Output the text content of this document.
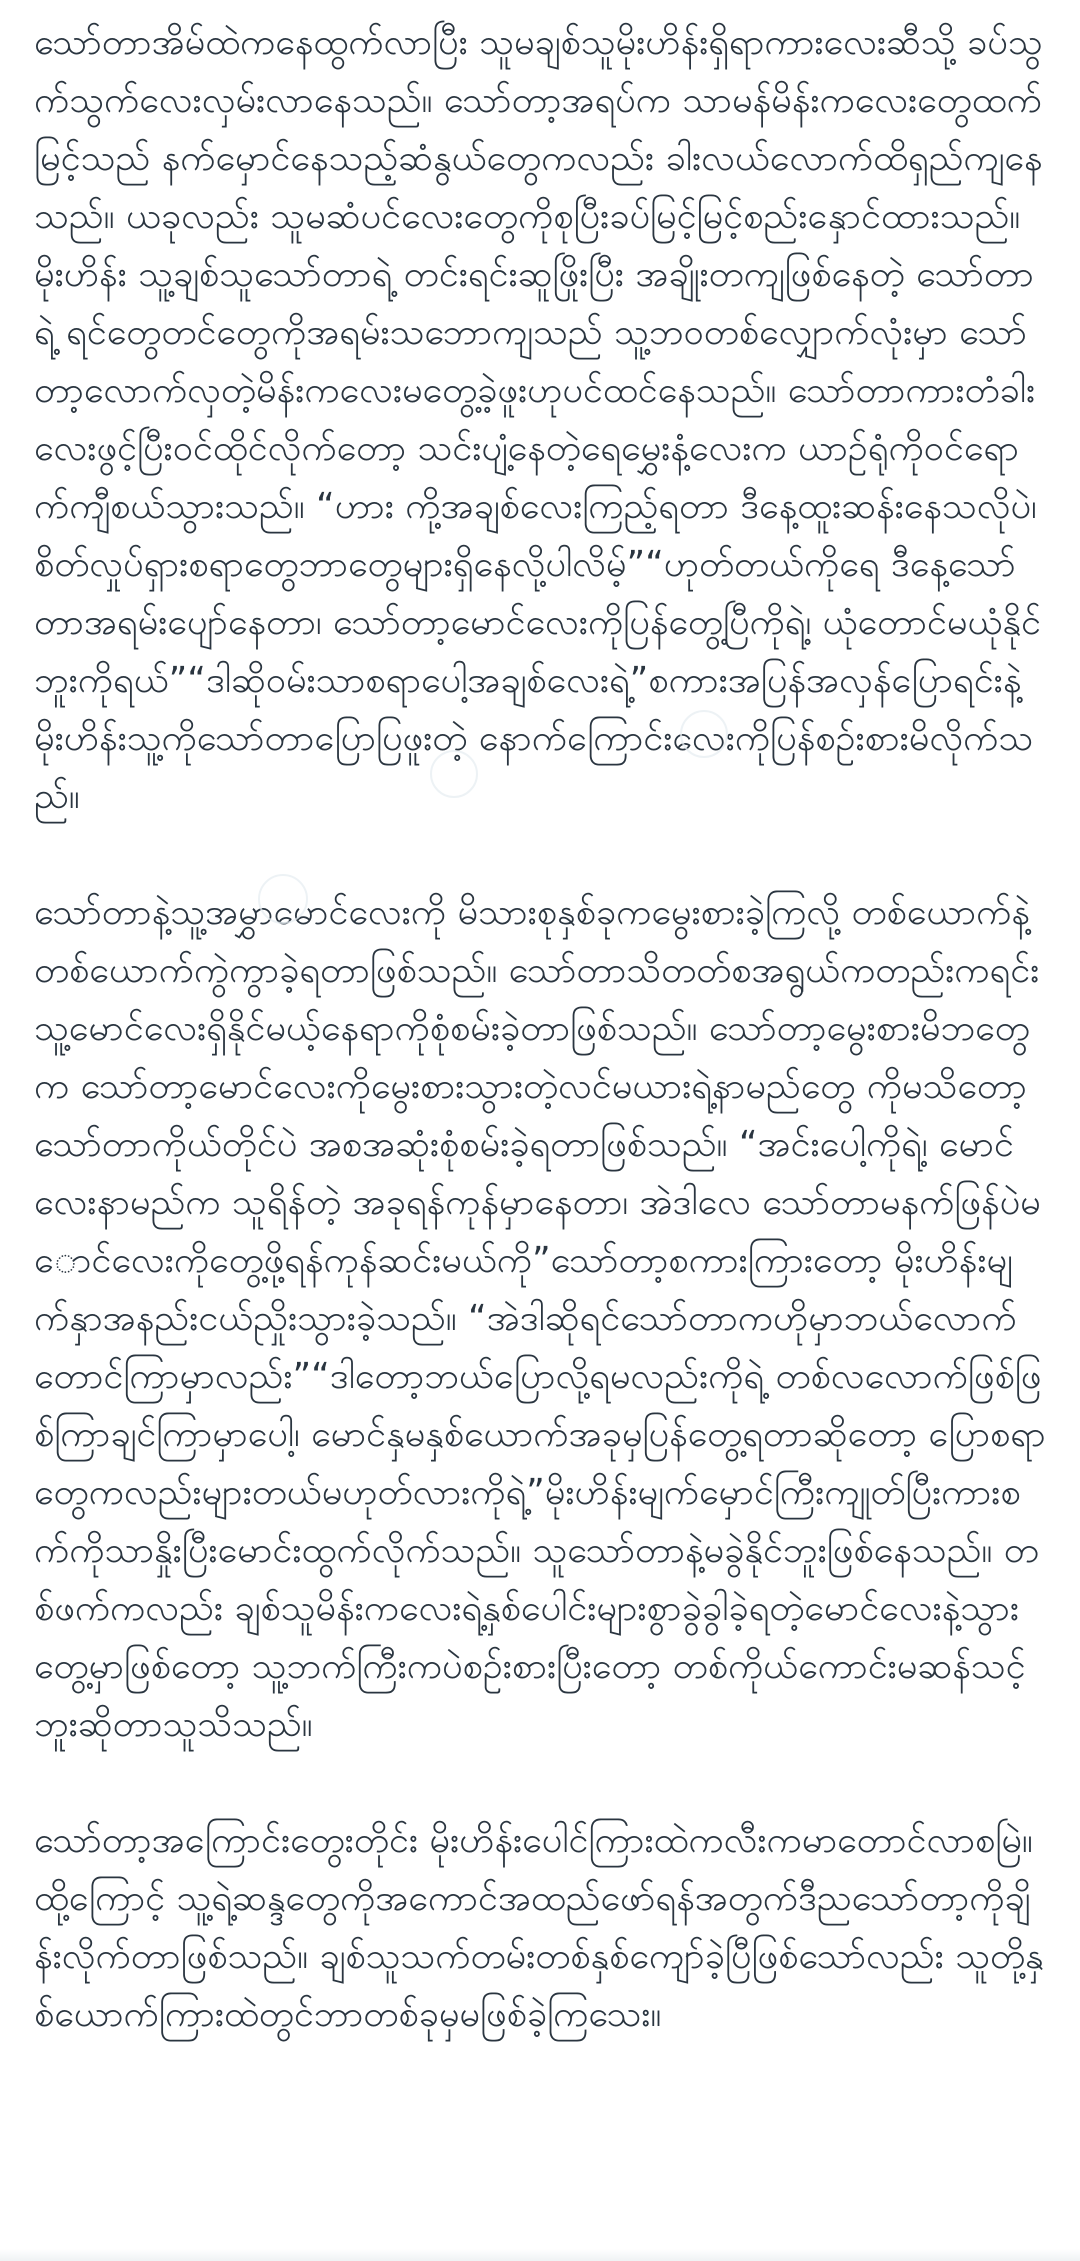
သော်တာအိမ်ထဲကနေထွက်လာပြီး သူမချစ်သူမိုးဟိန်းရှိရာကားလေးဆီသို့ ခပ်သွက်သွက်လေးလှမ်းလာနေသည်။ သော်တာ့အရပ်က သာမန်မိန်းကလေးတွေထက်မြင့်သည် နက်မှောင်နေသည့်ဆံနွယ်တွေကလည်း ခါးလယ်လောက်ထိရှည်ကျနေသည်။ ယခုလည်း သူမဆံပင်လေးတွေကိုစုပြီးခပ်မြင့်မြင့်စည်းနှောင်ထားသည်။ မိုးဟိန်း သူ့ချစ်သူသော်တာရဲ့ တင်းရင်းဆူဖြိုးပြီး အချိုးတကျဖြစ်နေတဲ့ သော်တာရဲ့ ရင်တွေတင်တွေကိုအရမ်းသဘောကျသည် သူ့ဘဝတစ်လျှောက်လုံးမှာ သော်တာ့လောက်လှတဲ့မိန်းကလေးမတွေ့ခဲ့ဖူးဟုပင်ထင်နေသည်။ သော်တာကားတံခါးလေးဖွင့်ပြီးဝင်ထိုင်လိုက်တော့ သင်းပျံ့နေတဲ့ရေမွှေးနံ့လေးက ယာဉ်ရုံကိုဝင်ရောက်ကျီစယ်သွားသည်။ “ဟား ကို့အချစ်လေးကြည့်ရတာ ဒီနေ့ထူးဆန်းနေသလိုပဲ၊ စိတ်လှုပ်ရှားစရာတွေဘာတွေများရှိနေလို့ပါလိမ့်”“ဟုတ်တယ်ကိုရေ ဒီနေ့သော်တာအရမ်းပျော်နေတာ၊ သော်တာ့မောင်လေးကိုပြန်တွေ့ပြီကိုရဲ့၊ ယုံတောင်မယုံနိုင်ဘူးကိုရယ်”“ဒါဆိုဝမ်းသာစရာပေါ့အချစ်လေးရဲ့”စကားအပြန်အလှန်ပြောရင်းနဲ့ မိုးဟိန်းသူ့ကိုသော်တာပြောပြဖူးတဲ့ နောက်ကြောင်းလေးကိုပြန်စဉ်းစားမိလိုက်သည်။

သော်တာနဲ့သူ့အမွှာမောင်လေးကို မိသားစုနှစ်ခုကမွေးစားခဲ့ကြလို့ တစ်ယောက်နဲ့တစ်ယောက်ကွဲကွာခဲ့ရတာဖြစ်သည်။ သော်တာသိတတ်စအရွယ်ကတည်းကရင်း သူ့မောင်လေးရှိနိုင်မယ့်နေရာကိုစုံစမ်းခဲ့တာဖြစ်သည်။ သော်တာ့မွေးစားမိဘတွေက သော်တာ့မောင်လေးကိုမွေးစားသွားတဲ့လင်မယားရဲ့နာမည်တွေ ကိုမသိတော့ သော်တာကိုယ်တိုင်ပဲ အစအဆုံးစုံစမ်းခဲ့ရတာဖြစ်သည်။ “အင်းပေါ့ကိုရဲ့၊ မောင်လေးနာမည်က သူရိန်တဲ့ အခုရန်ကုန်မှာနေတာ၊ အဲဒါလေ သော်တာမနက်ဖြန်ပဲမောင်လေးကိုတွေ့ဖို့ရန်ကုန်ဆင်းမယ်ကို”သော်တာ့စကားကြားတော့ မိုးဟိန်းမျက်နှာအနည်းငယ်ညှိုးသွားခဲ့သည်။ “အဲဒါဆိုရင်သော်တာကဟိုမှာဘယ်လောက်တောင်ကြာမှာလည်း”“ဒါတော့ဘယ်ပြောလို့ရမလည်းကိုရဲ့ တစ်လလောက်ဖြစ်ဖြစ်ကြာချင်ကြာမှာပေါ့၊ မောင်နှမနှစ်ယောက်အခုမှပြန်တွေ့ရတာဆိုတော့ ပြောစရာတွေကလည်းများတယ်မဟုတ်လားကိုရဲ့”မိုးဟိန်းမျက်မှောင်ကြီးကျုတ်ပြီးကားစက်ကိုသာနှိုးပြီးမောင်းထွက်လိုက်သည်။ သူသော်တာနဲ့မခွဲနိုင်ဘူးဖြစ်နေသည်။ တစ်ဖက်ကလည်း ချစ်သူမိန်းကလေးရဲ့နှစ်ပေါင်းများစွာခွဲခွါခဲ့ရတဲ့မောင်လေးနဲ့သွားတွေ့မှာဖြစ်တော့ သူ့ဘက်ကြီးကပဲစဉ်းစားပြီးတော့ တစ်ကိုယ်ကောင်းမဆန်သင့်ဘူးဆိုတာသူသိသည်။

သော်တာ့အကြောင်းတွေးတိုင်း မိုးဟိန်းပေါင်ကြားထဲကလီးကမာတောင်လာစမြဲ။ ထို့ကြောင့် သူ့ရဲ့ဆန္ဒတွေကိုအကောင်အထည်ဖော်ရန်အတွက်ဒီညသော်တာ့ကိုချိန်းလိုက်တာဖြစ်သည်။ ချစ်သူသက်တမ်းတစ်နှစ်ကျော်ခဲ့ပြီဖြစ်သော်လည်း သူတို့နှစ်ယောက်ကြားထဲတွင်ဘာတစ်ခုမှမဖြစ်ခဲ့ကြသေး။
